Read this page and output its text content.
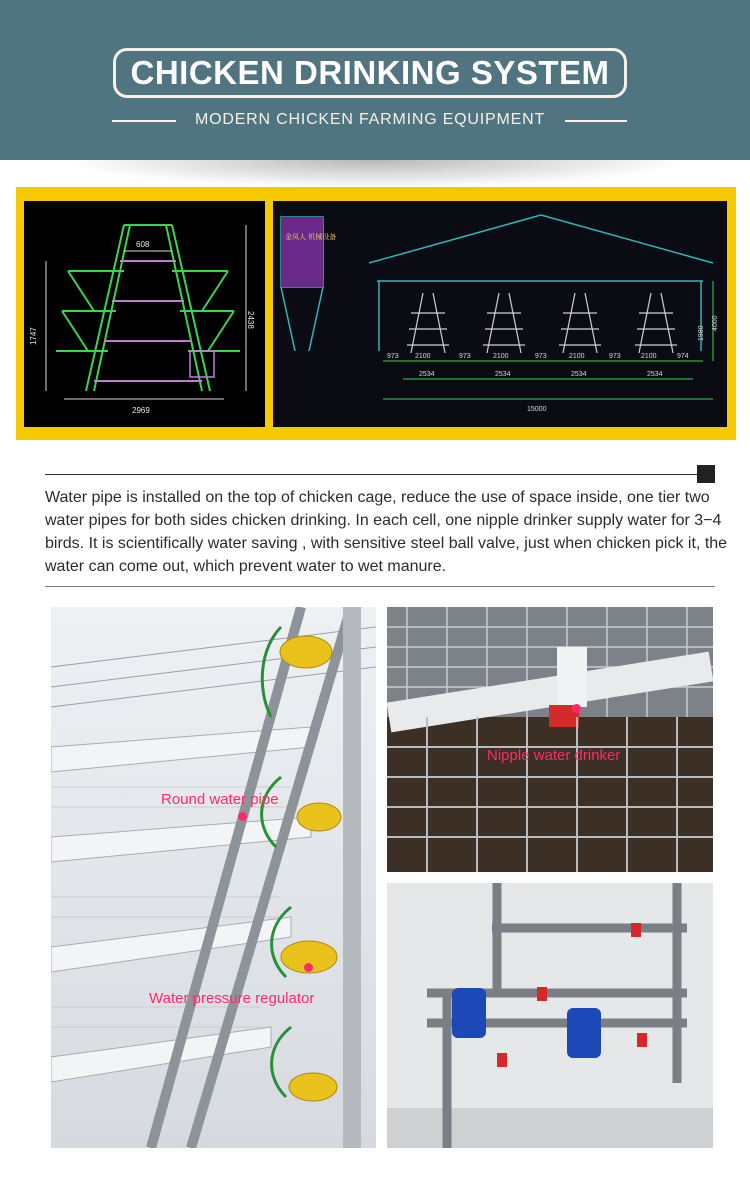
CHICKEN DRINKING SYSTEM
MODERN CHICKEN FARMING EQUIPMENT
608
1747
2438
2969
金凤人 机械设备
973 2100	973	2100	973	2100	973	2100	974
2534	2534	2534	2534
15000
1980
4000
Water pipe is installed on the top of chicken cage, reduce the use of space inside, one tier two water pipes for both sides chicken drinking. In each cell, one nipple drinker supply water for 3−4 birds. It is scientifically water saving , with sensitive steel ball valve, just when chicken pick it, the water can come out, which prevent water to wet manure.
Round water pipe
Water pressure regulator
Nipple water drinker
